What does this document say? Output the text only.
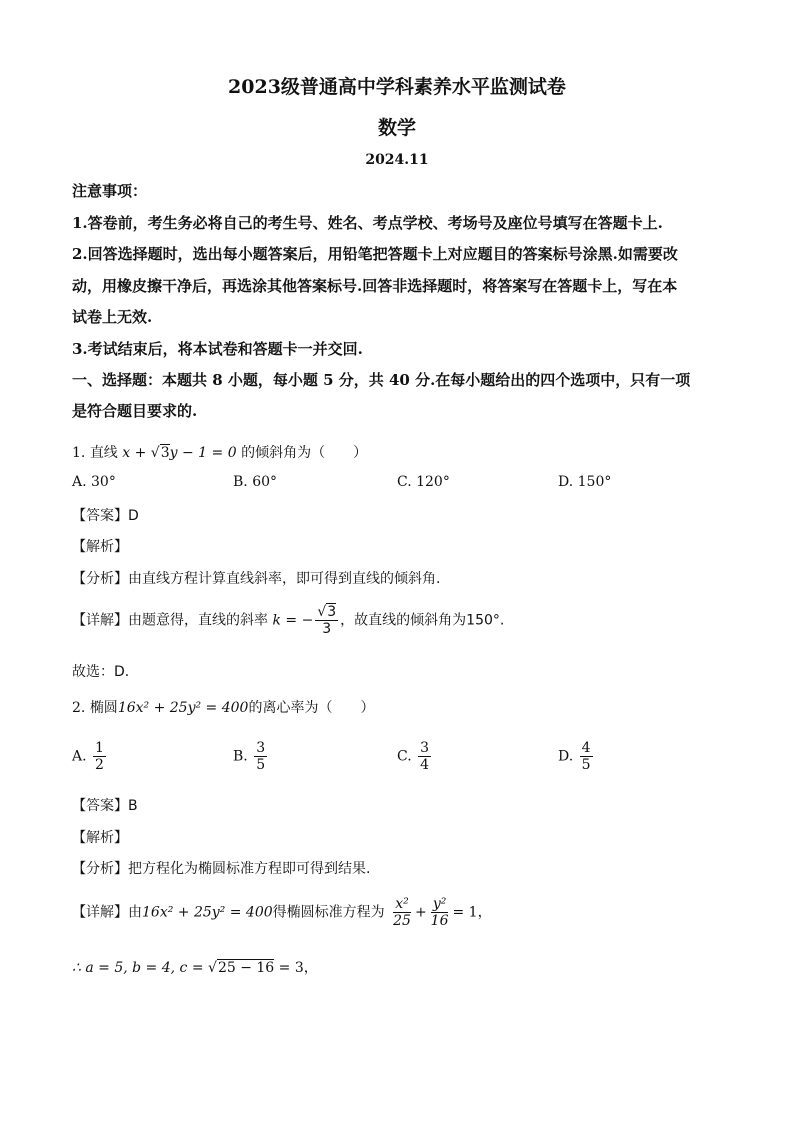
2023级普通高中学科素养水平监测试卷
数学
2024.11
注意事项：
1.答卷前，考生务必将自己的考生号、姓名、考点学校、考场号及座位号填写在答题卡上.
2.回答选择题时，选出每小题答案后，用铅笔把答题卡上对应题目的答案标号涂黑.如需要改
动，用橡皮擦干净后，再选涂其他答案标号.回答非选择题时，将答案写在答题卡上，写在本
试卷上无效.
3.考试结束后，将本试卷和答题卡一并交回.
一、选择题：本题共 8 小题，每小题 5 分，共 40 分.在每小题给出的四个选项中，只有一项
是符合题目要求的.
1. 直线 x + √3y − 1 = 0 的倾斜角为（　　）
A. 30°	B. 60°	C. 120°	D. 150°
【答案】D
【解析】
【分析】由直线方程计算直线斜率，即可得到直线的倾斜角.
【详解】由题意得，直线的斜率 k = − $\frac{√3}{3}$ ，故直线的倾斜角为150°.
故选：D.
2. 椭圆16x² + 25y² = 400的离心率为（　　）
A. $\frac{1}{2}$	B. $\frac{3}{5}$	C. $\frac{3}{4}$	D. $\frac{4}{5}$
【答案】B
【解析】
【分析】把方程化为椭圆标准方程即可得到结果.
【详解】由16x² + 25y² = 400得椭圆标准方程为 $\frac{\text{x²}}{25} + \frac{\text{y²}}{16} = 1$，
∴ a = 5, b = 4, c = √25 − 16 = 3，
